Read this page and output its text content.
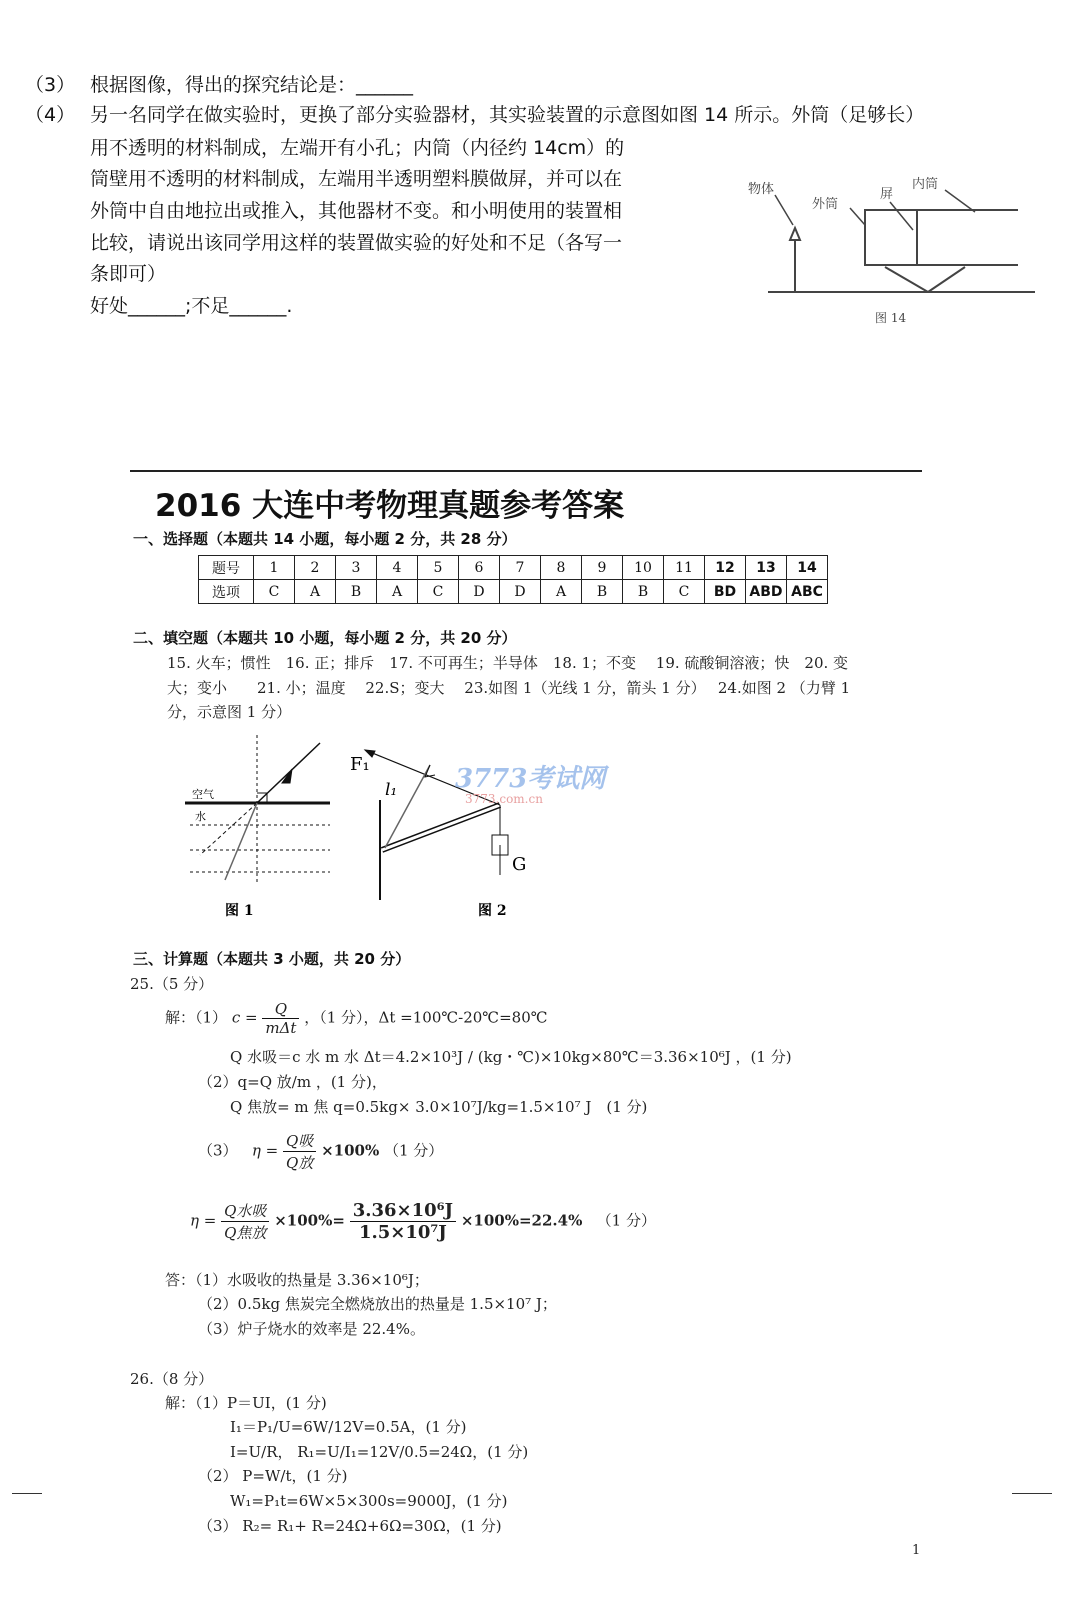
（3） 根据图像，得出的探究结论是：______
（4） 另一名同学在做实验时，更换了部分实验器材，其实验装置的示意图如图 14 所示。外筒（足够长）
用不透明的材料制成，左端开有小孔；内筒（内径约 14cm）的
筒壁用不透明的材料制成，左端用半透明塑料膜做屏，并可以在
外筒中自由地拉出或推入，其他器材不变。和小明使用的装置相
比较，请说出该同学用这样的装置做实验的好处和不足（各写一
条即可）
好处______;不足______.
物体
外筒
屏
内筒
图 14
2016 大连中考物理真题参考答案
一、选择题（本题共 14 小题，每小题 2 分，共 28 分）
题号	1	2	3	4	5	6	7	8	9	10	11	12	13	14
选项	C	A	B	A	C	D	D	A	B	B	C	BD	ABD	ABC
二、填空题（本题共 10 小题，每小题 2 分，共 20 分）
15. 火车；惯性　16. 正；排斥　17. 不可再生；半导体　18. 1；不变　 19. 硫酸铜溶液；快　20. 变
大；变小　　21. 小；温度　 22.S；变大　 23.如图 1（光线 1 分，箭头 1 分）　 24.如图 2 （力臂 1
分，示意图 1 分）
空气
水
图 1
F₁
l₁
G
图 2
3773考试网
3773.com.cn
三、计算题（本题共 3 小题，共 20 分）
25.（5 分）
解：（1） $c = \frac{Q}{\text{mΔt}}$ ，（1 分），Δt =100℃-20℃=80℃
Q 水吸＝c 水 m 水 Δt＝4.2×10³J / (kg・℃)×10kg×80℃＝3.36×10⁶J ，(1 分)
（2）q=Q 放/m ，(1 分)，
Q 焦放= m 焦 q=0.5kg× 3.0×10⁷J/kg=1.5×10⁷ J　(1 分)
（3） $\eta = \frac{\text{Q吸}}{\text{Q放}} \times 100\%$ （1 分）
$\eta = \frac{\text{Q水吸}}{\text{Q焦放}} \times 100\%= \frac{\text{3.36×10⁶J}}{\text{1.5×10⁷J}} \times 100\%=22.4\%$ （1 分）
答：（1）水吸收的热量是 3.36×10⁶J；
（2）0.5kg 焦炭完全燃烧放出的热量是 1.5×10⁷ J；
（3）炉子烧水的效率是 22.4%。
26.（8 分）
解：（1）P＝UI，(1 分)
I₁＝P₁/U=6W/12V=0.5A，(1 分)
I=U/R， R₁=U/I₁=12V/0.5=24Ω，(1 分)
（2） P=W/t，(1 分)
W₁=P₁t=6W×5×300s=9000J，(1 分)
（3） R₂= R₁+ R=24Ω+6Ω=30Ω，(1 分)
1
